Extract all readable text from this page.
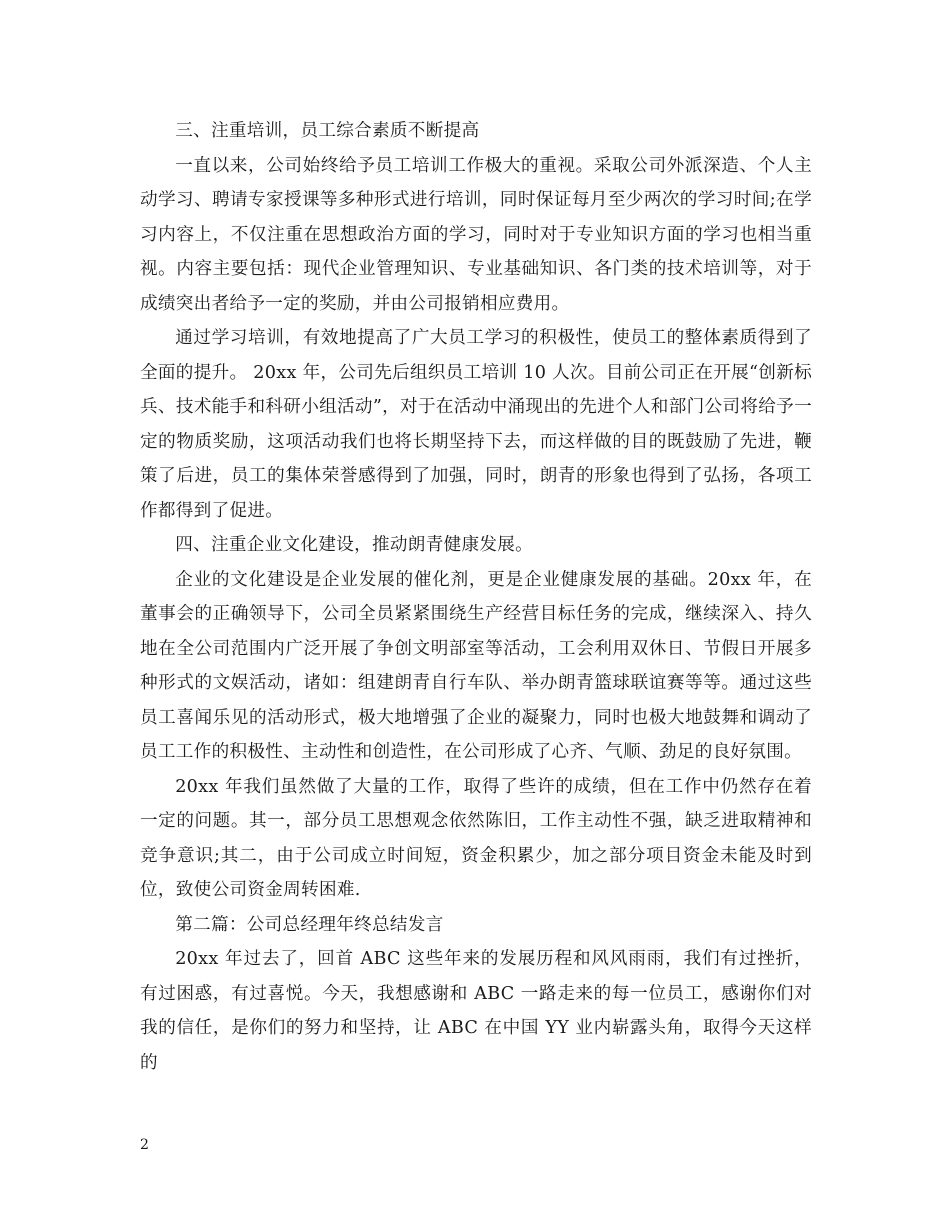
三、注重培训，员工综合素质不断提高

一直以来，公司始终给予员工培训工作极大的重视。采取公司外派深造、个人主动学习、聘请专家授课等多种形式进行培训，同时保证每月至少两次的学习时间;在学习内容上，不仅注重在思想政治方面的学习，同时对于专业知识方面的学习也相当重视。内容主要包括：现代企业管理知识、专业基础知识、各门类的技术培训等，对于成绩突出者给予一定的奖励，并由公司报销相应费用。

通过学习培训，有效地提高了广大员工学习的积极性，使员工的整体素质得到了全面的提升。 20xx 年，公司先后组织员工培训 10 人次。目前公司正在开展“创新标兵、技术能手和科研小组活动”，对于在活动中涌现出的先进个人和部门公司将给予一定的物质奖励，这项活动我们也将长期坚持下去，而这样做的目的既鼓励了先进，鞭策了后进，员工的集体荣誉感得到了加强，同时，朗青的形象也得到了弘扬，各项工作都得到了促进。

四、注重企业文化建设，推动朗青健康发展。

企业的文化建设是企业发展的催化剂，更是企业健康发展的基础。20xx 年，在董事会的正确领导下，公司全员紧紧围绕生产经营目标任务的完成，继续深入、持久地在全公司范围内广泛开展了争创文明部室等活动，工会利用双休日、节假日开展多种形式的文娱活动，诸如：组建朗青自行车队、举办朗青篮球联谊赛等等。通过这些员工喜闻乐见的活动形式，极大地增强了企业的凝聚力，同时也极大地鼓舞和调动了员工工作的积极性、主动性和创造性，在公司形成了心齐、气顺、劲足的良好氛围。

20xx 年我们虽然做了大量的工作，取得了些许的成绩，但在工作中仍然存在着一定的问题。其一，部分员工思想观念依然陈旧，工作主动性不强，缺乏进取精神和竞争意识;其二，由于公司成立时间短，资金积累少，加之部分项目资金未能及时到位，致使公司资金周转困难.

第二篇：公司总经理年终总结发言

20xx 年过去了，回首 ABC 这些年来的发展历程和风风雨雨，我们有过挫折，有过困惑，有过喜悦。今天，我想感谢和 ABC 一路走来的每一位员工，感谢你们对我的信任，是你们的努力和坚持，让 ABC 在中国 YY 业内崭露头角，取得今天这样的

2
